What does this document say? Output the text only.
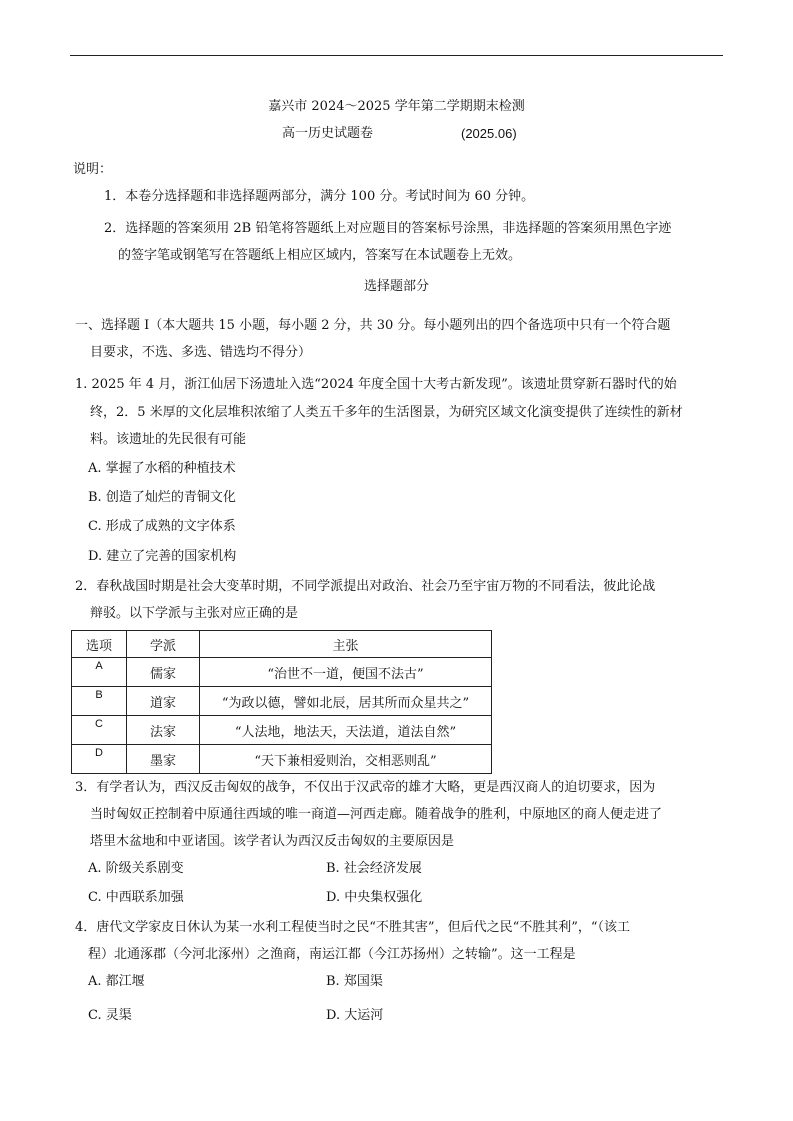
嘉兴市 2024～2025 学年第二学期期末检测
高一历史试题卷	(2025.06)
说明：
1．本卷分选择题和非选择题两部分，满分 100 分。考试时间为 60 分钟。
2．选择题的答案须用 2B 铅笔将答题纸上对应题目的答案标号涂黑，非选择题的答案须用黑色字迹
的签字笔或钢笔写在答题纸上相应区域内，答案写在本试题卷上无效。
选择题部分
一、选择题 Ⅰ（本大题共 15 小题，每小题 2 分，共 30 分。每小题列出的四个备选项中只有一个符合题
目要求，不选、多选、错选均不得分）
1. 2025 年 4 月，浙江仙居下汤遗址入选“2024 年度全国十大考古新发现”。该遗址贯穿新石器时代的始
终，2．5 米厚的文化层堆积浓缩了人类五千多年的生活图景，为研究区域文化演变提供了连续性的新材
料。该遗址的先民很有可能
A. 掌握了水稻的种植技术
B. 创造了灿烂的青铜文化
C. 形成了成熟的文字体系
D. 建立了完善的国家机构
2．春秋战国时期是社会大变革时期，不同学派提出对政治、社会乃至宇宙万物的不同看法，彼此论战
辩驳。以下学派与主张对应正确的是
选项	学派	主张
A	儒家	“治世不一道，便国不法古”
B	道家	“为政以德，譬如北辰，居其所而众星共之”
C	法家	“人法地，地法天，天法道，道法自然”
D	墨家	“天下兼相爱则治，交相恶则乱”
3．有学者认为，西汉反击匈奴的战争，不仅出于汉武帝的雄才大略，更是西汉商人的迫切要求，因为
当时匈奴正控制着中原通往西域的唯一商道—河西走廊。随着战争的胜利，中原地区的商人便走进了
塔里木盆地和中亚诸国。该学者认为西汉反击匈奴的主要原因是
A. 阶级关系剧变	B. 社会经济发展
C. 中西联系加强	D. 中央集权强化
4．唐代文学家皮日休认为某一水利工程使当时之民“不胜其害”，但后代之民“不胜其利”，“（该工
程）北通涿郡（今河北涿州）之渔商，南运江都（今江苏扬州）之转输”。这一工程是
A. 都江堰	B. 郑国渠
C. 灵渠	D. 大运河
